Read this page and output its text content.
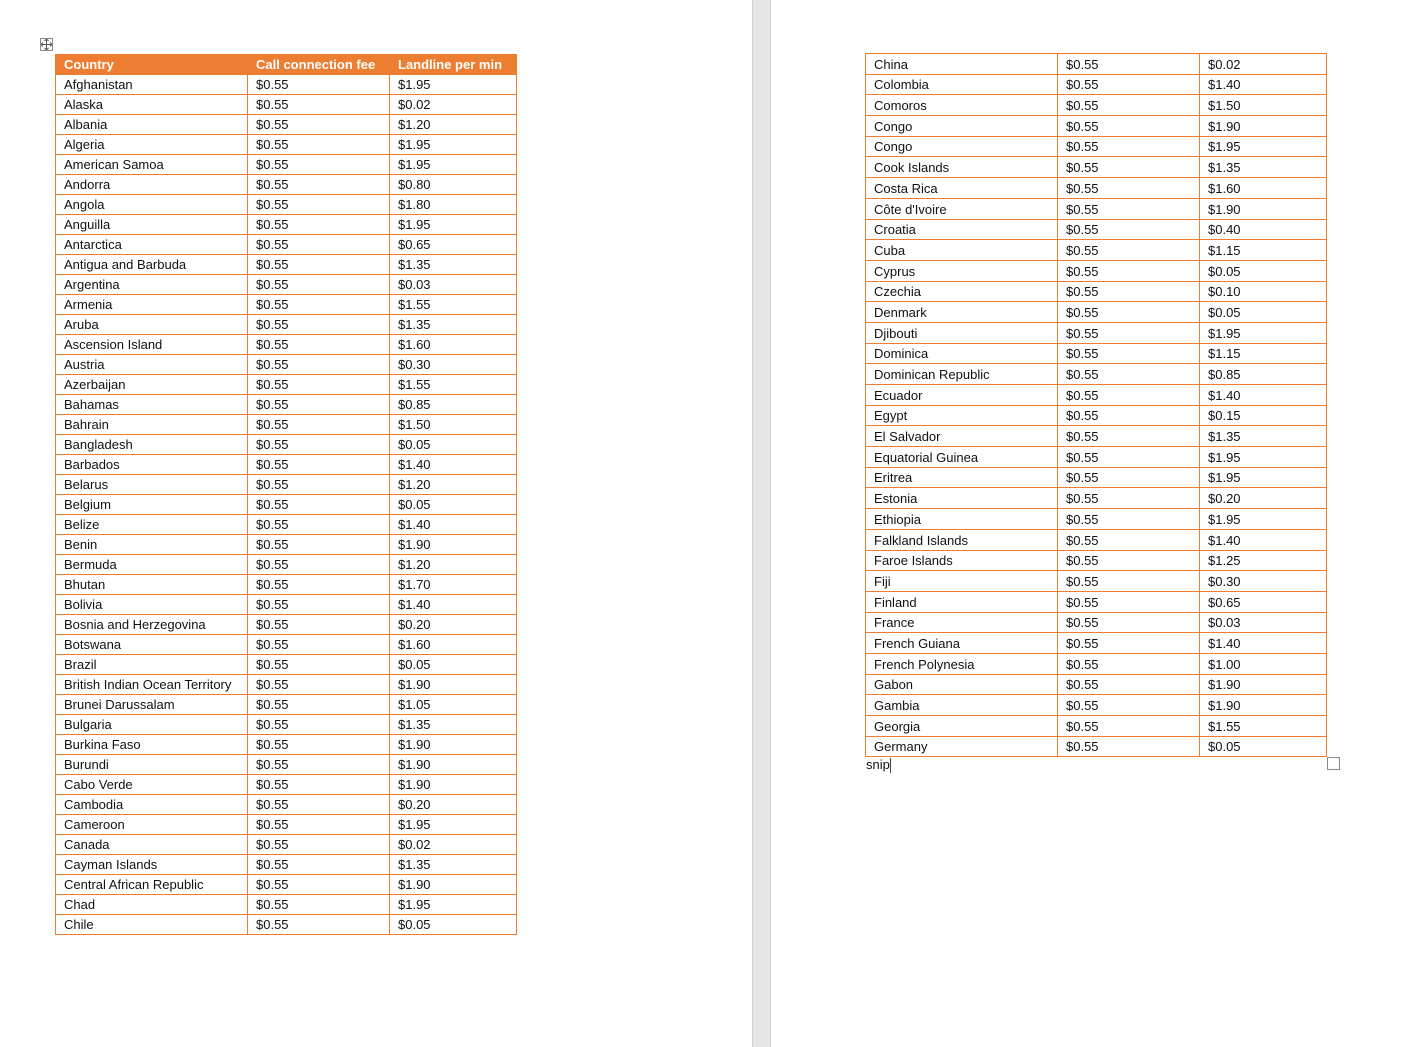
Country	Call connection fee	Landline per min
Afghanistan	$0.55	$1.95
Alaska	$0.55	$0.02
Albania	$0.55	$1.20
Algeria	$0.55	$1.95
American Samoa	$0.55	$1.95
Andorra	$0.55	$0.80
Angola	$0.55	$1.80
Anguilla	$0.55	$1.95
Antarctica	$0.55	$0.65
Antigua and Barbuda	$0.55	$1.35
Argentina	$0.55	$0.03
Armenia	$0.55	$1.55
Aruba	$0.55	$1.35
Ascension Island	$0.55	$1.60
Austria	$0.55	$0.30
Azerbaijan	$0.55	$1.55
Bahamas	$0.55	$0.85
Bahrain	$0.55	$1.50
Bangladesh	$0.55	$0.05
Barbados	$0.55	$1.40
Belarus	$0.55	$1.20
Belgium	$0.55	$0.05
Belize	$0.55	$1.40
Benin	$0.55	$1.90
Bermuda	$0.55	$1.20
Bhutan	$0.55	$1.70
Bolivia	$0.55	$1.40
Bosnia and Herzegovina	$0.55	$0.20
Botswana	$0.55	$1.60
Brazil	$0.55	$0.05
British Indian Ocean Territory	$0.55	$1.90
Brunei Darussalam	$0.55	$1.05
Bulgaria	$0.55	$1.35
Burkina Faso	$0.55	$1.90
Burundi	$0.55	$1.90
Cabo Verde	$0.55	$1.90
Cambodia	$0.55	$0.20
Cameroon	$0.55	$1.95
Canada	$0.55	$0.02
Cayman Islands	$0.55	$1.35
Central African Republic	$0.55	$1.90
Chad	$0.55	$1.95
Chile	$0.55	$0.05
China	$0.55	$0.02
Colombia	$0.55	$1.40
Comoros	$0.55	$1.50
Congo	$0.55	$1.90
Congo	$0.55	$1.95
Cook Islands	$0.55	$1.35
Costa Rica	$0.55	$1.60
Côte d'Ivoire	$0.55	$1.90
Croatia	$0.55	$0.40
Cuba	$0.55	$1.15
Cyprus	$0.55	$0.05
Czechia	$0.55	$0.10
Denmark	$0.55	$0.05
Djibouti	$0.55	$1.95
Dominica	$0.55	$1.15
Dominican Republic	$0.55	$0.85
Ecuador	$0.55	$1.40
Egypt	$0.55	$0.15
El Salvador	$0.55	$1.35
Equatorial Guinea	$0.55	$1.95
Eritrea	$0.55	$1.95
Estonia	$0.55	$0.20
Ethiopia	$0.55	$1.95
Falkland Islands	$0.55	$1.40
Faroe Islands	$0.55	$1.25
Fiji	$0.55	$0.30
Finland	$0.55	$0.65
France	$0.55	$0.03
French Guiana	$0.55	$1.40
French Polynesia	$0.55	$1.00
Gabon	$0.55	$1.90
Gambia	$0.55	$1.90
Georgia	$0.55	$1.55
Germany	$0.55	$0.05
snip
